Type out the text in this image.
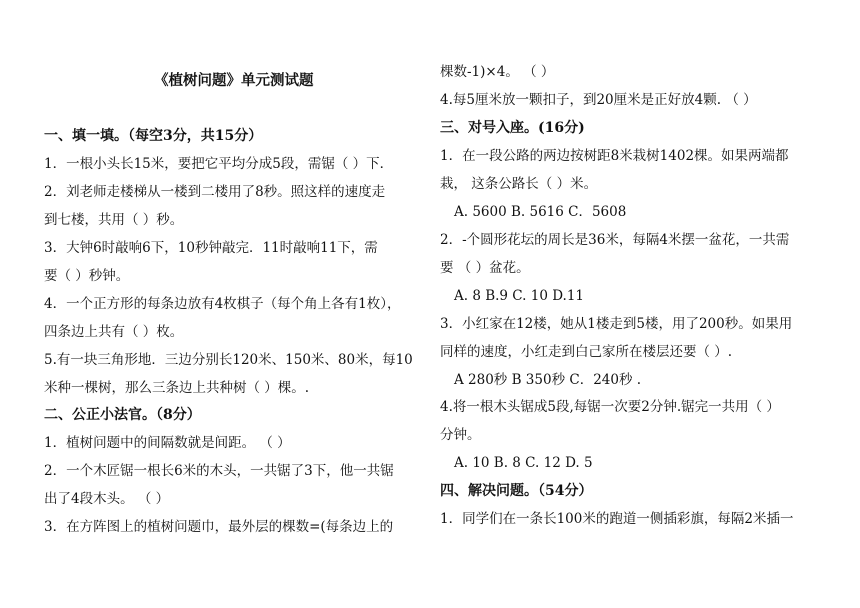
《植树问题》单元测试题
一、填一填。（每空3分，共15分）
1．一根小头长15米，要把它平均分成5段，需锯（ ）下．
2．刘老师走楼梯从一楼到二楼用了8秒。照这样的速度走
到七楼，共用（ ）秒。
3．大钟6时敲响6下，10秒钟敲完．11时敲响11下，需
要（ ）秒钟。
4．一个正方形的每条边放有4枚棋子（每个角上各有1枚），
四条边上共有（ ）枚。
5.有一块三角形地．三边分别长120米、150米、80米，每10
米种一棵树，那么三条边上共种树（ ）棵。.
二、公正小法官。（8分）
1．植树问题中的间隔数就是间距。 （ ）
2．一个木匠锯一根长6米的木头，一共锯了3下，他一共锯
出了4段木头。 （ ）
3．在方阵图上的植树问题巾，最外层的棵数=(每条边上的
棵数-1)×4。 （ ）
4.每5厘米放一颗扣子，到20厘米是正好放4颗. （ ）
三、对号入座。(16分)
1．在一段公路的两边按树距8米栽树1402棵。如果两端都
栽， 这条公路长（ ）米。
A. 5600 B. 5616 C．5608
2．-个圆形花坛的周长是36米，每隔4米摆一盆花，一共需
要 （ ）盆花。
A. 8 B.9 C. 10 D.11
3．小红家在12楼，她从1楼走到5楼，用了200秒。如果用
同样的速度，小红走到白己家所在楼层还要（ ）.
A 280秒 B 350秒 C．240秒 .
4.将一根木头锯成5段,每锯一次要2分钟.锯完一共用（ ）
分钟。
A. 10 B. 8 C. 12 D. 5
四、解决问题。（54分）
1．同学们在一条长100米的跑道一侧插彩旗，每隔2米插一
